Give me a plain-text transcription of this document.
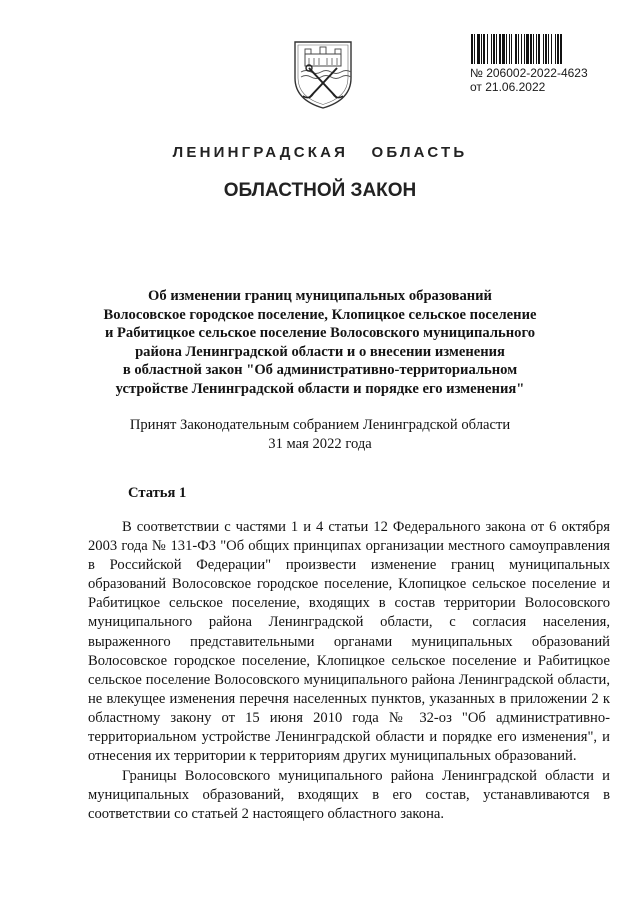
№ 206002-2022-4623
от 21.06.2022
ЛЕНИНГРАДСКАЯ ОБЛАСТЬ
ОБЛАСТНОЙ ЗАКОН
Об изменении границ муниципальных образований
Волосовское городское поселение, Клопицкое сельское поселение
и Рабитицкое сельское поселение Волосовского муниципального
района Ленинградской области и о внесении изменения
в областной закон "Об административно-территориальном
устройстве Ленинградской области и порядке его изменения"
Принят Законодательным собранием Ленинградской области
31 мая 2022 года
Статья 1

В соответствии с частями 1 и 4 статьи 12 Федерального закона от 6 октября 2003 года № 131-ФЗ "Об общих принципах организации местного самоуправления в Российской Федерации" произвести изменение границ муниципальных образований Волосовское городское поселение, Клопицкое сельское поселение и Рабитицкое сельское поселение, входящих в состав территории Волосовского муниципального района Ленинградской области, с согласия населения, выраженного представительными органами муниципальных образований Волосовское городское поселение, Клопицкое сельское поселение и Рабитицкое сельское поселение Волосовского муниципального района Ленинградской области, не влекущее изменения перечня населенных пунктов, указанных в приложении 2 к областному закону от 15 июня 2010 года № 32-оз "Об административно-территориальном устройстве Ленинградской области и порядке его изменения", и отнесения их территории к территориям других муниципальных образований.

Границы Волосовского муниципального района Ленинградской области и муниципальных образований, входящих в его состав, устанавливаются в соответствии со статьей 2 настоящего областного закона.
